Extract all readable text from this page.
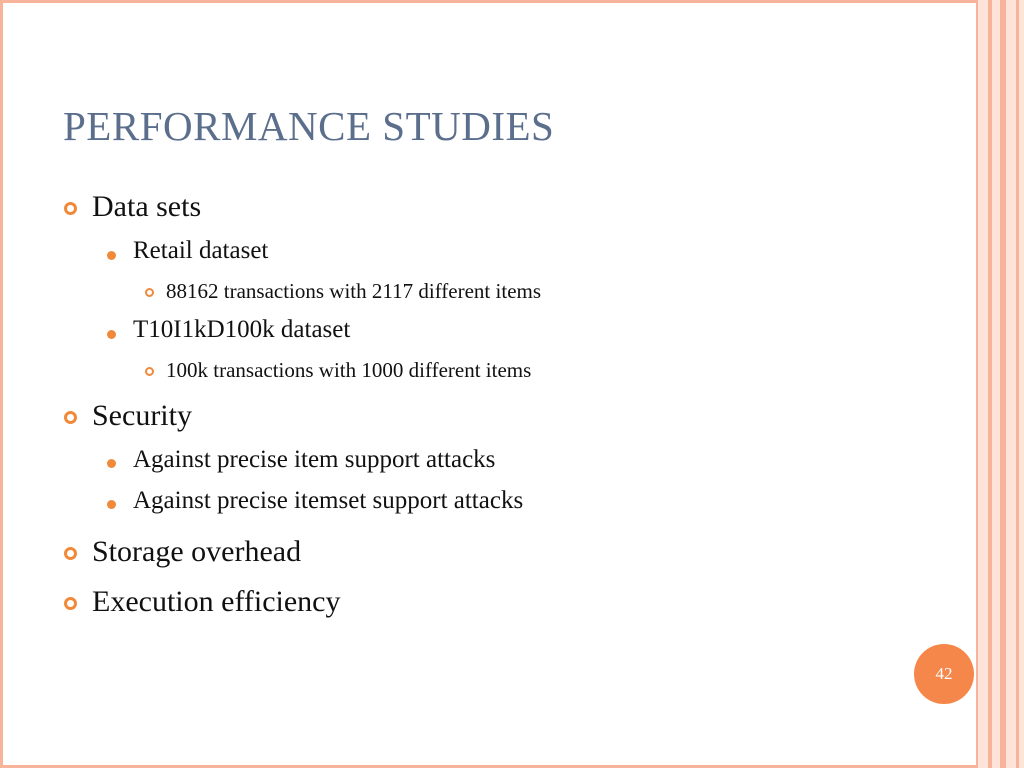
PERFORMANCE STUDIES
Data sets
Retail dataset
88162 transactions with 2117 different items
T10I1kD100k dataset
100k transactions with 1000 different items
Security
Against precise item support attacks
Against precise itemset support attacks
Storage overhead
Execution efficiency
42
